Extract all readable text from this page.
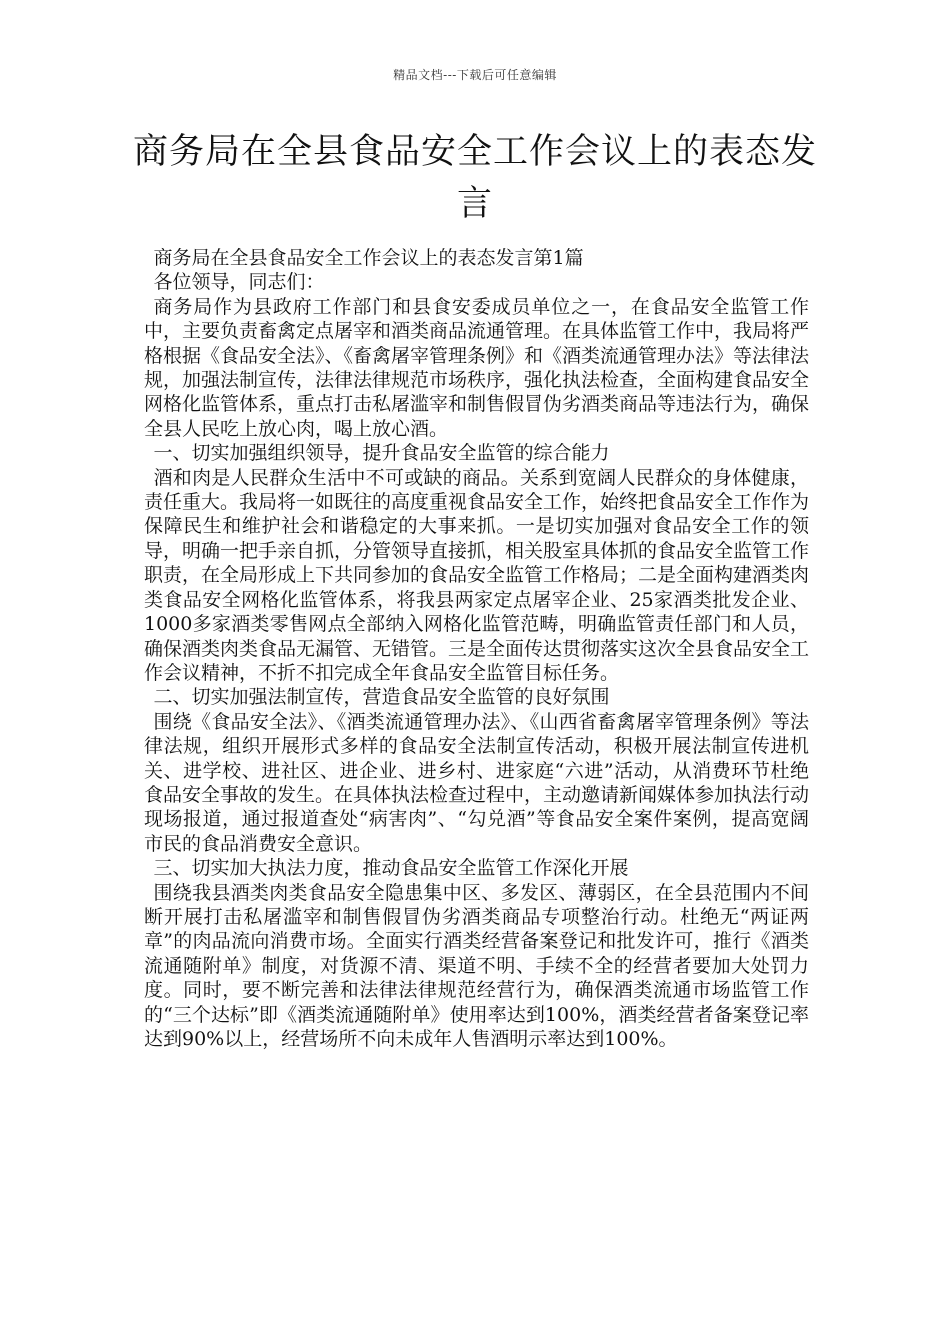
精品文档---下载后可任意编辑
商务局在全县食品安全工作会议上的表态发言

商务局在全县食品安全工作会议上的表态发言第1篇

各位领导，同志们：

商务局作为县政府工作部门和县食安委成员单位之一，在食品安全监管工作中，主要负责畜禽定点屠宰和酒类商品流通管理。在具体监管工作中，我局将严格根据《食品安全法》、《畜禽屠宰管理条例》和《酒类流通管理办法》等法律法规，加强法制宣传，法律法律规范市场秩序，强化执法检查，全面构建食品安全网格化监管体系，重点打击私屠滥宰和制售假冒伪劣酒类商品等违法行为，确保全县人民吃上放心肉，喝上放心酒。

一、切实加强组织领导，提升食品安全监管的综合能力

酒和肉是人民群众生活中不可或缺的商品。关系到宽阔人民群众的身体健康，责任重大。我局将一如既往的高度重视食品安全工作，始终把食品安全工作作为保障民生和维护社会和谐稳定的大事来抓。一是切实加强对食品安全工作的领导，明确一把手亲自抓，分管领导直接抓，相关股室具体抓的食品安全监管工作职责，在全局形成上下共同参加的食品安全监管工作格局；二是全面构建酒类肉类食品安全网格化监管体系，将我县两家定点屠宰企业、25家酒类批发企业、1000多家酒类零售网点全部纳入网格化监管范畴，明确监管责任部门和人员，确保酒类肉类食品无漏管、无错管。三是全面传达贯彻落实这次全县食品安全工作会议精神，不折不扣完成全年食品安全监管目标任务。

二、切实加强法制宣传，营造食品安全监管的良好氛围

围绕《食品安全法》、《酒类流通管理办法》、《山西省畜禽屠宰管理条例》等法律法规，组织开展形式多样的食品安全法制宣传活动，积极开展法制宣传进机关、进学校、进社区、进企业、进乡村、进家庭“六进”活动，从消费环节杜绝食品安全事故的发生。在具体执法检查过程中，主动邀请新闻媒体参加执法行动现场报道，通过报道查处“病害肉”、“勾兑酒”等食品安全案件案例，提高宽阔市民的食品消费安全意识。

三、切实加大执法力度，推动食品安全监管工作深化开展

围绕我县酒类肉类食品安全隐患集中区、多发区、薄弱区，在全县范围内不间断开展打击私屠滥宰和制售假冒伪劣酒类商品专项整治行动。杜绝无“两证两章”的肉品流向消费市场。全面实行酒类经营备案登记和批发许可，推行《酒类流通随附单》制度，对货源不清、渠道不明、手续不全的经营者要加大处罚力度。同时，要不断完善和法律法律规范经营行为，确保酒类流通市场监管工作的“三个达标”即《酒类流通随附单》使用率达到100%，酒类经营者备案登记率达到90%以上，经营场所不向未成年人售酒明示率达到100%。
